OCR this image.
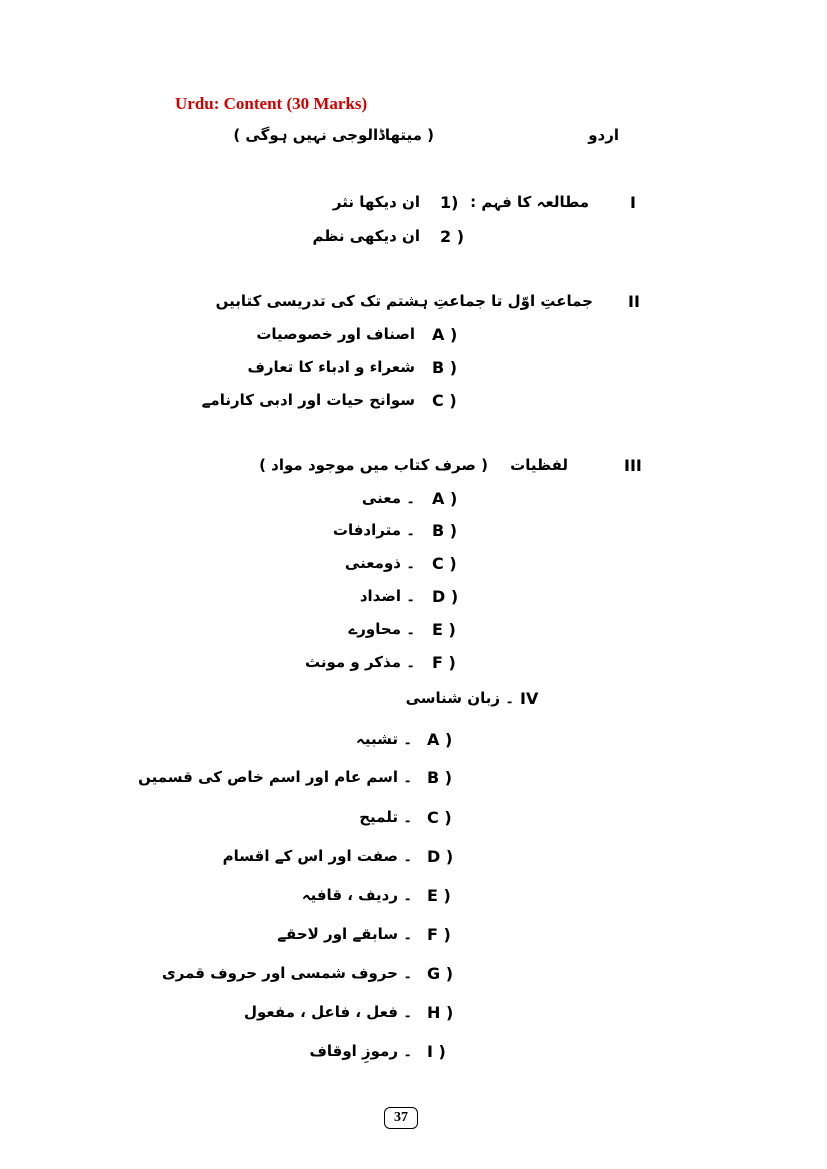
Urdu: Content (30 Marks)
اردو
( میتھاڈالوجی نہیں ہوگی )
I
مطالعہ کا فہم :
1)
ان دیکھا نثر
2 )
ان دیکھی نظم
II
جماعتِ اوّل تا جماعتِ ہشتم تک کی تدریسی کتابیں
A )
اصناف اور خصوصیات
B )
شعراء و ادباء کا تعارف
C )
سوانح حیات اور ادبی کارنامے
III
لفظیات
( صرف کتاب میں موجود مواد )
A )
۔ معنی
B )
۔ مترادفات
C )
۔ ذومعنی
D )
۔ اضداد
E )
۔ محاورے
F )
۔ مذکر و مونث
IV
۔ زبان شناسی
A )
۔ تشبیہ
B )
۔ اسم عام اور اسم خاص کی قسمیں
C )
۔ تلمیح
D )
۔ صفت اور اس کے اقسام
E )
۔ ردیف ، قافیہ
F )
۔ سابقے اور لاحقے
G )
۔ حروف شمسی اور حروف قمری
H )
۔ فعل ، فاعل ، مفعول
I )
۔ رموزِ اوقاف
37
